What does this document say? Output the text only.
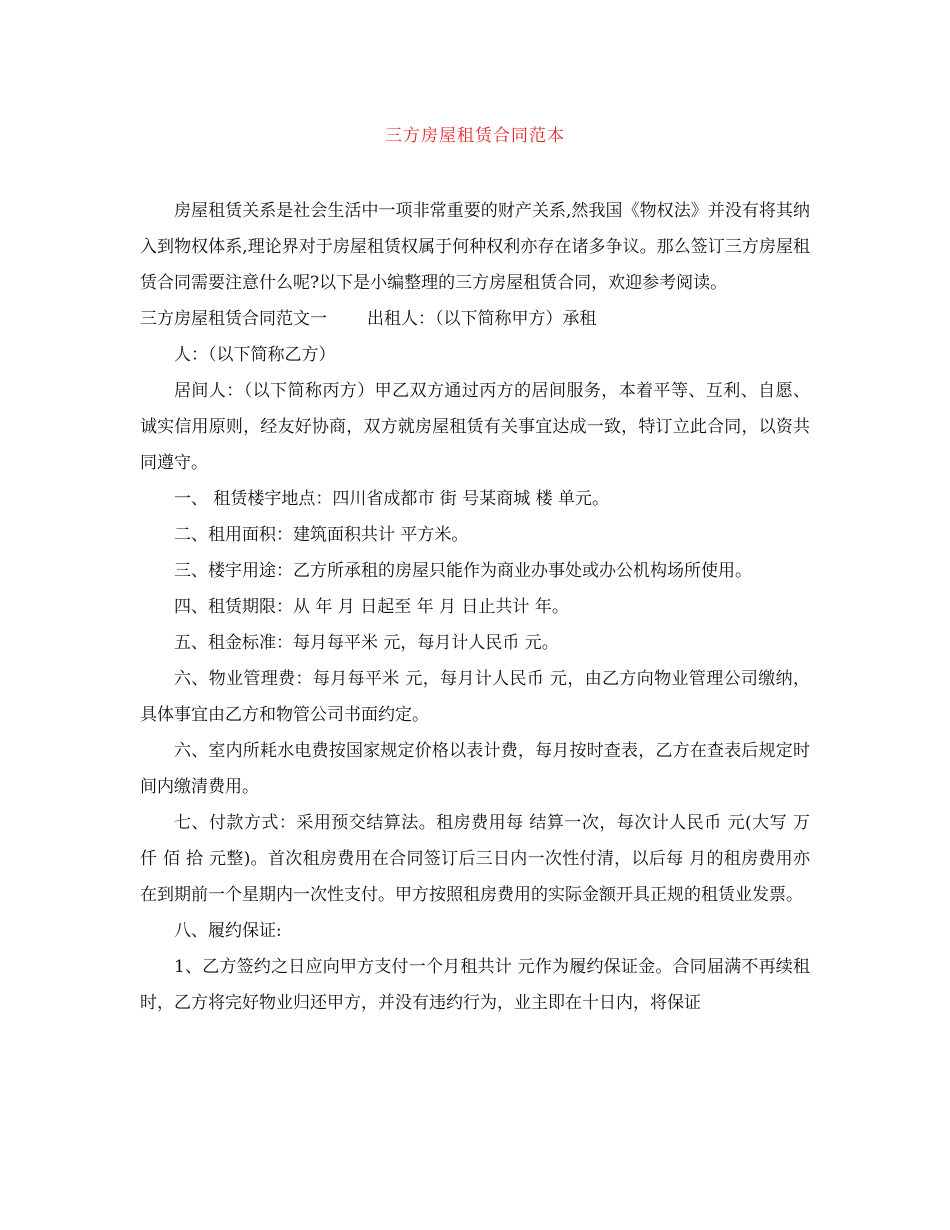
三方房屋租赁合同范本

房屋租赁关系是社会生活中一项非常重要的财产关系,然我国《物权法》并没有将其纳入到物权体系,理论界对于房屋租赁权属于何种权利亦存在诸多争议。那么签订三方房屋租赁合同需要注意什么呢?以下是小编整理的三方房屋租赁合同，欢迎参考阅读。

三方房屋租赁合同范文一 出租人：（以下简称甲方）承租

人：（以下简称乙方）

居间人：（以下简称丙方）甲乙双方通过丙方的居间服务，本着平等、互利、自愿、诚实信用原则，经友好协商，双方就房屋租赁有关事宜达成一致，特订立此合同，以资共同遵守。

一、 租赁楼宇地点：四川省成都市 街 号某商城 楼 单元。

二、租用面积：建筑面积共计 平方米。

三、楼宇用途：乙方所承租的房屋只能作为商业办事处或办公机构场所使用。

四、租赁期限：从 年 月 日起至 年 月 日止共计 年。

五、租金标准：每月每平米 元，每月计人民币 元。

六、物业管理费：每月每平米 元，每月计人民币 元，由乙方向物业管理公司缴纳，具体事宜由乙方和物管公司书面约定。

六、室内所耗水电费按国家规定价格以表计费，每月按时查表，乙方在查表后规定时间内缴清费用。

七、付款方式：采用预交结算法。租房费用每 结算一次，每次计人民币 元(大写 万 仟 佰 拾 元整)。首次租房费用在合同签订后三日内一次性付清，以后每 月的租房费用亦在到期前一个星期内一次性支付。甲方按照租房费用的实际金额开具正规的租赁业发票。

八、履约保证:

1、乙方签约之日应向甲方支付一个月租共计 元作为履约保证金。合同届满不再续租时，乙方将完好物业归还甲方，并没有违约行为，业主即在十日内，将保证
